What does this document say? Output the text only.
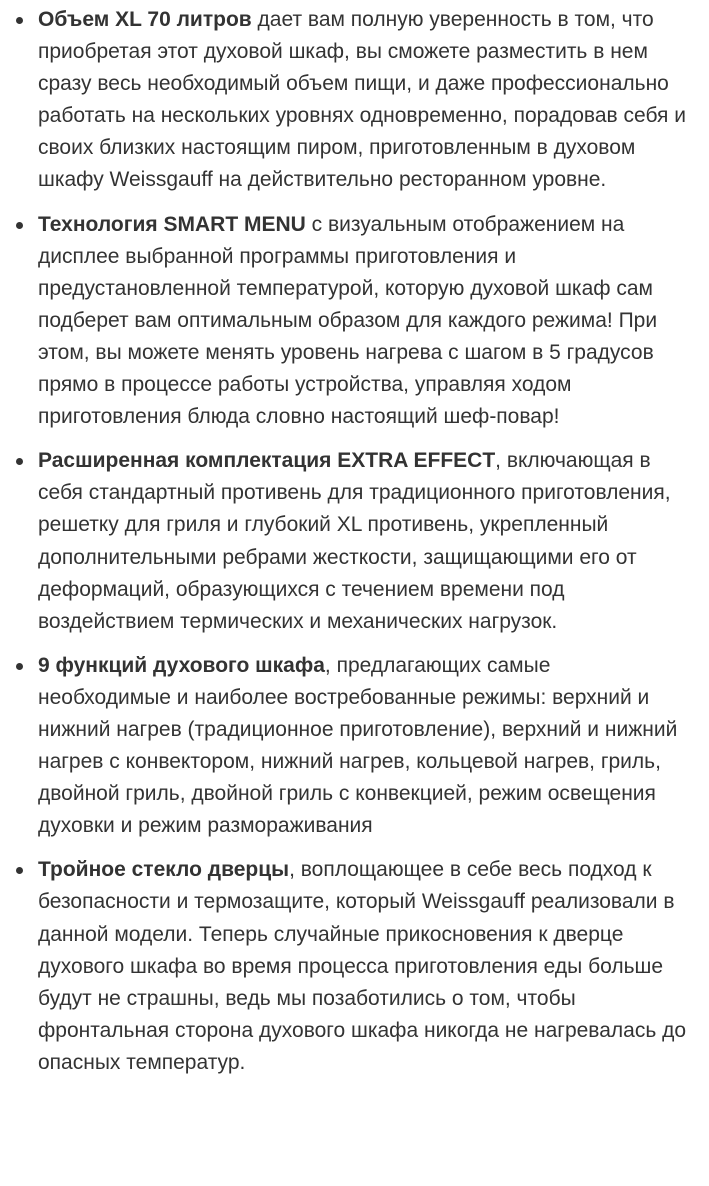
Объем XL 70 литров дает вам полную уверенность в том, что приобретая этот духовой шкаф, вы сможете разместить в нем сразу весь необходимый объем пищи, и даже профессионально работать на нескольких уровнях одновременно, порадовав себя и своих близких настоящим пиром, приготовленным в духовом шкафу Weissgauff на действительно ресторанном уровне.
Технология SMART MENU с визуальным отображением на дисплее выбранной программы приготовления и предустановленной температурой, которую духовой шкаф сам подберет вам оптимальным образом для каждого режима! При этом, вы можете менять уровень нагрева с шагом в 5 градусов прямо в процессе работы устройства, управляя ходом приготовления блюда словно настоящий шеф-повар!
Расширенная комплектация EXTRA EFFECT, включающая в себя стандартный противень для традиционного приготовления, решетку для гриля и глубокий XL противень, укрепленный дополнительными ребрами жесткости, защищающими его от деформаций, образующихся с течением времени под воздействием термических и механических нагрузок.
9 функций духового шкафа, предлагающих самые необходимые и наиболее востребованные режимы: верхний и нижний нагрев (традиционное приготовление), верхний и нижний нагрев с конвектором, нижний нагрев, кольцевой нагрев, гриль, двойной гриль, двойной гриль с конвекцией, режим освещения духовки и режим размораживания
Тройное стекло дверцы, воплощающее в себе весь подход к безопасности и термозащите, который Weissgauff реализовали в данной модели. Теперь случайные прикосновения к дверце духового шкафа во время процесса приготовления еды больше будут не страшны, ведь мы позаботились о том, чтобы фронтальная сторона духового шкафа никогда не нагревалась до опасных температур.
